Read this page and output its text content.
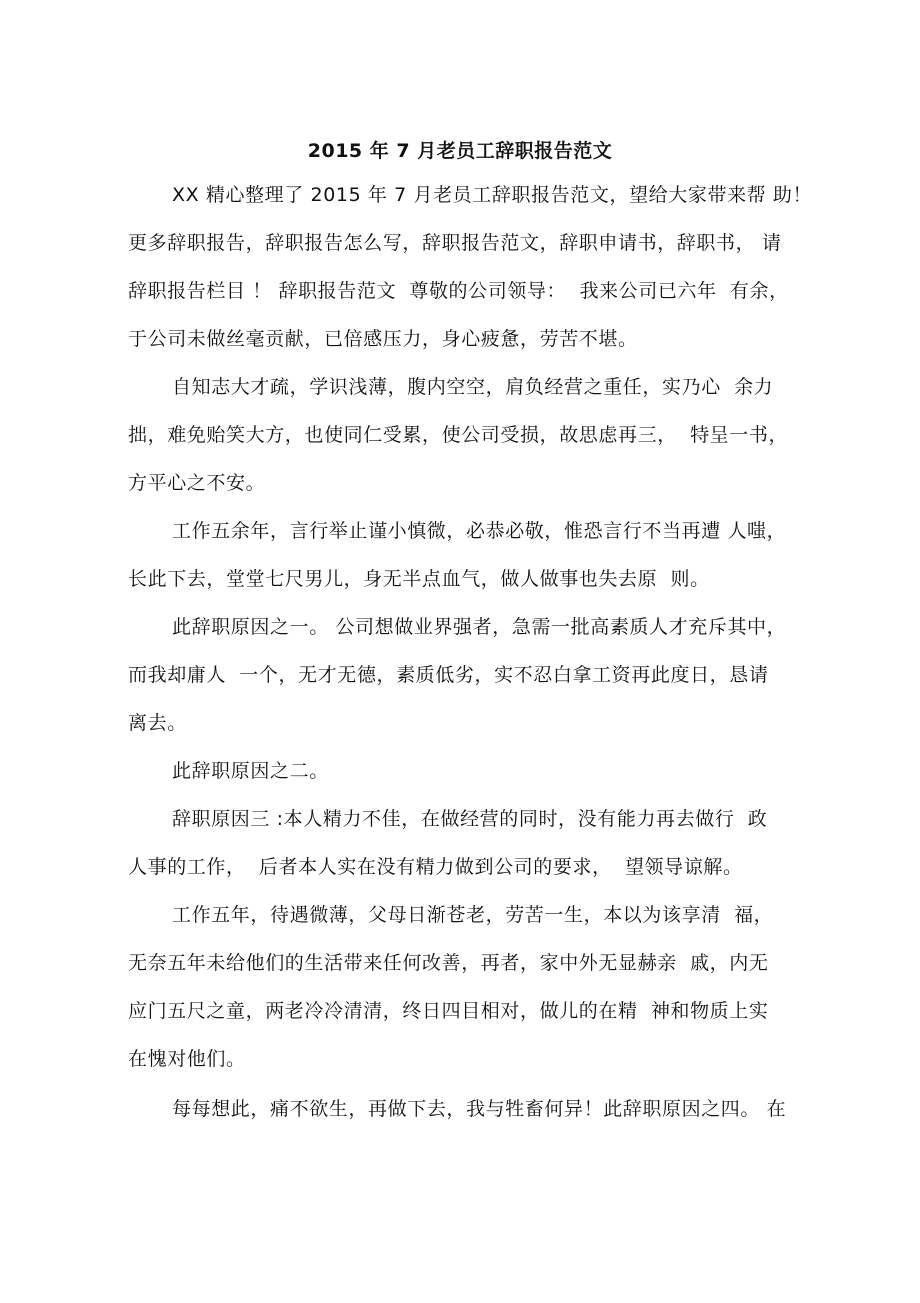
2015 年 7 月老员工辞职报告范文
XX 精心整理了 2015 年 7 月老员工辞职报告范文，望给大家带来帮 助！
更多辞职报告，辞职报告怎么写，辞职报告范文，辞职申请书，辞职书， 请
辞职报告栏目 ！ 辞职报告范文  尊敬的公司领导：  我来公司已六年  有余，
于公司未做丝毫贡献，已倍感压力，身心疲惫，劳苦不堪。
自知志大才疏，学识浅薄，腹内空空，肩负经营之重任，实乃心  余力
拙，难免贻笑大方，也使同仁受累，使公司受损，故思虑再三，  特呈一书，
方平心之不安。
工作五余年，言行举止谨小慎微，必恭必敬，惟恐言行不当再遭 人嗤，
长此下去，堂堂七尺男儿，身无半点血气，做人做事也失去原  则。
此辞职原因之一。 公司想做业界强者，急需一批高素质人才充斥其中，
而我却庸人  一个，无才无德，素质低劣，实不忍白拿工资再此度日，恳请
离去。
此辞职原因之二。
辞职原因三 :本人精力不佳，在做经营的同时，没有能力再去做行  政
人事的工作，  后者本人实在没有精力做到公司的要求，  望领导谅解。
工作五年，待遇微薄，父母日渐苍老，劳苦一生，本以为该享清  福，
无奈五年未给他们的生活带来任何改善，再者，家中外无显赫亲  戚，内无
应门五尺之童，两老冷冷清清，终日四目相对，做儿的在精  神和物质上实
在愧对他们。
每每想此，痛不欲生，再做下去，我与牲畜何异！此辞职原因之四。 在
